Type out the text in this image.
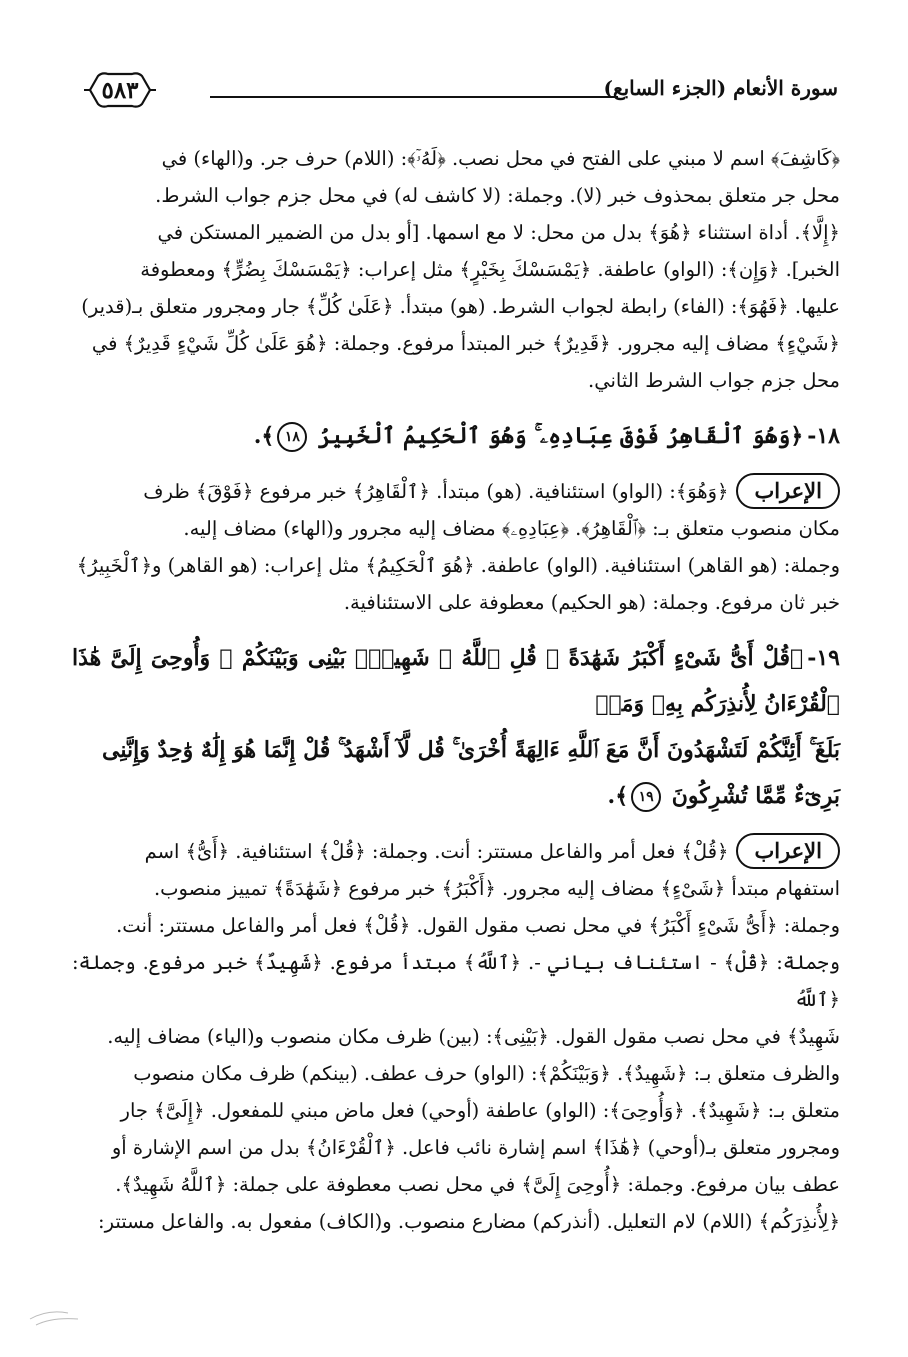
٥٨٣	سورة الأنعام (الجزء السابع)

﴿كَاشِفَ﴾ اسم لا مبني على الفتح في محل نصب. ﴿لَهُۥٓ﴾: (اللام) حرف جر. و(الهاء) في

محل جر متعلق بمحذوف خبر (لا). وجملة: (لا كاشف له) في محل جزم جواب الشرط.

﴿إِلَّا﴾. أداة استثناء ﴿هُوَ﴾ بدل من محل: لا مع اسمها. [أو بدل من الضمير المستكن في

الخبر]. ﴿وَإِن﴾: (الواو) عاطفة. ﴿يَمْسَسْكَ بِخَيْرٍ﴾ مثل إعراب: ﴿يَمْسَسْكَ بِضُرٍّ﴾ ومعطوفة

عليها. ﴿فَهُوَ﴾: (الفاء) رابطة لجواب الشرط. (هو) مبتدأ. ﴿عَلَىٰ كُلِّ﴾ جار ومجرور متعلق بـ(قدير)

﴿شَيْءٍ﴾ مضاف إليه مجرور. ﴿قَدِيرٌ﴾ خبر المبتدأ مرفوع. وجملة: ﴿هُوَ عَلَىٰ كُلِّ شَيْءٍ قَدِيرٌ﴾ في

محل جزم جواب الشرط الثاني.

١٨-﴿وَهُوَ ٱلْقَاهِرُ فَوْقَ عِبَادِهِۦ ۚ وَهُوَ ٱلْحَكِيمُ ٱلْخَبِيرُ
١٨
﴾.

الإعراب﴿وَهُوَ﴾: (الواو) استئنافية. (هو) مبتدأ. ﴿ٱلْقَاهِرُ﴾ خبر مرفوع ﴿فَوْقَ﴾ ظرف

مكان منصوب متعلق بـ: ﴿ٱلْقَاهِرُ﴾. ﴿عِبَادِهِۦ﴾ مضاف إليه مجرور و(الهاء) مضاف إليه.

وجملة: (هو القاهر) استئنافية. (الواو) عاطفة. ﴿هُوَ ٱلْحَكِيمُ﴾ مثل إعراب: (هو القاهر) و﴿ٱلْخَبِيرُ﴾

خبر ثان مرفوع. وجملة: (هو الحكيم) معطوفة على الاستئنافية.

١٩-﴿قُلْ أَىُّ شَىْءٍ أَكْبَرُ شَهَٰدَةً ۖ قُلِ ٱللَّهُ ۖ شَهِيدٌۢ بَيْنِى وَبَيْنَكُمْ ۚ وَأُوحِىَ إِلَىَّ هَٰذَا ٱلْقُرْءَانُ لِأُنذِرَكُم بِهِۦ وَمَنۢ

بَلَغَ ۚ أَئِنَّكُمْ لَتَشْهَدُونَ أَنَّ مَعَ ٱللَّهِ ءَالِهَةً أُخْرَىٰ ۚ قُل لَّآ أَشْهَدُ ۚ قُلْ إِنَّمَا هُوَ إِلَٰهٌ وَٰحِدٌ وَإِنَّنِى

بَرِىٓءٌ مِّمَّا تُشْرِكُونَ
١٩
﴾.

الإعراب﴿قُلْ﴾ فعل أمر والفاعل مستتر: أنت. وجملة: ﴿قُلْ﴾ استئنافية. ﴿أَىُّ﴾ اسم

استفهام مبتدأ ﴿شَىْءٍ﴾ مضاف إليه مجرور. ﴿أَكْبَرُ﴾ خبر مرفوع ﴿شَهَٰدَةً﴾ تمييز منصوب.

وجملة: ﴿أَىُّ شَىْءٍ أَكْبَرُ﴾ في محل نصب مقول القول. ﴿قُلْ﴾ فعل أمر والفاعل مستتر: أنت.

وجملة: ﴿قُلْ﴾ - استئناف بياني -. ﴿ٱللَّهُ﴾ مبتدأ مرفوع. ﴿شَهِيدٌ﴾ خبر مرفوع. وجملة: ﴿ٱللَّهُ

شَهِيدٌ﴾ في محل نصب مقول القول. ﴿بَيْنِى﴾: (بين) ظرف مكان منصوب و(الياء) مضاف إليه.

والظرف متعلق بـ: ﴿شَهِيدٌ﴾. ﴿وَبَيْنَكُمْ﴾: (الواو) حرف عطف. (بينكم) ظرف مكان منصوب

متعلق بـ: ﴿شَهِيدٌ﴾. ﴿وَأُوحِىَ﴾: (الواو) عاطفة (أوحي) فعل ماض مبني للمفعول. ﴿إِلَىَّ﴾ جار

ومجرور متعلق بـ(أوحي) ﴿هَٰذَا﴾ اسم إشارة نائب فاعل. ﴿ٱلْقُرْءَانُ﴾ بدل من اسم الإشارة أو

عطف بيان مرفوع. وجملة: ﴿أُوحِىَ إِلَىَّ﴾ في محل نصب معطوفة على جملة: ﴿ٱللَّهُ شَهِيدٌ﴾.

﴿لِأُنذِرَكُم﴾ (اللام) لام التعليل. (أنذركم) مضارع منصوب. و(الكاف) مفعول به. والفاعل مستتر:
